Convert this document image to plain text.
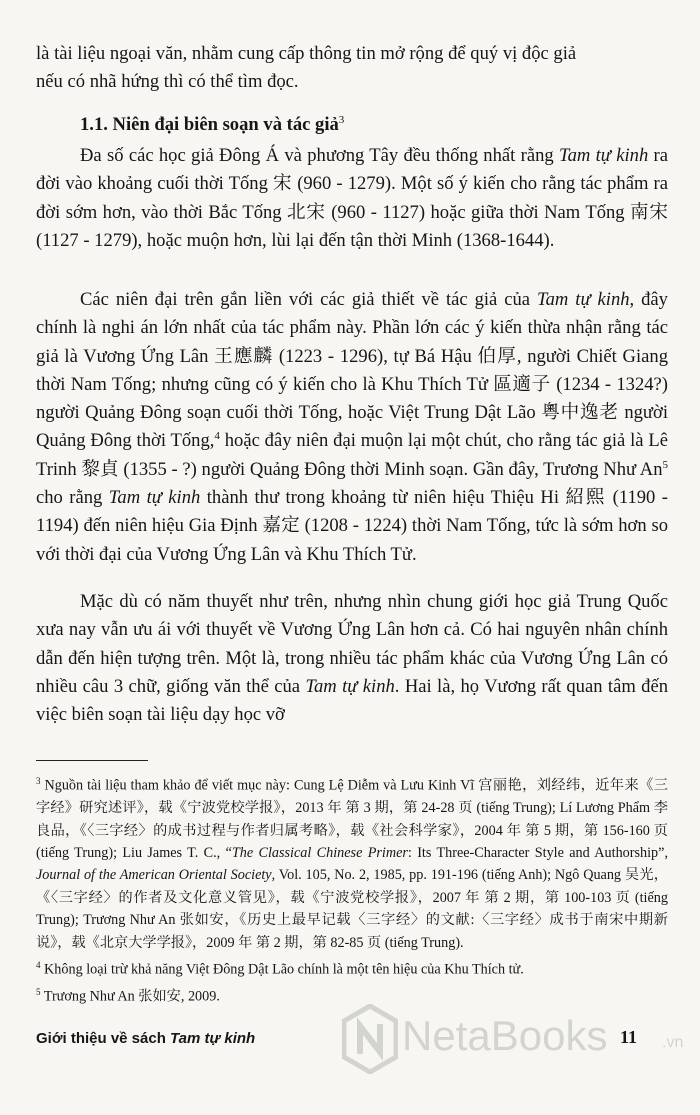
là tài liệu ngoại văn, nhằm cung cấp thông tin mở rộng để quý vị độc giả
nếu có nhã hứng thì có thể tìm đọc.

1.1. Niên đại biên soạn và tác giả$^3$

Đa số các học giả Đông Á và phương Tây đều thống nhất rằng Tam tự kinh ra đời vào khoảng cuối thời Tống 宋 (960 - 1279). Một số ý kiến cho rằng tác phẩm ra đời sớm hơn, vào thời Bắc Tống 北宋 (960 - 1127) hoặc giữa thời Nam Tống 南宋 (1127 - 1279), hoặc muộn hơn, lùi lại đến tận thời Minh (1368-1644).

Các niên đại trên gắn liền với các giả thiết về tác giả của Tam tự kinh, đây chính là nghi án lớn nhất của tác phẩm này. Phần lớn các ý kiến thừa nhận rằng tác giả là Vương Ứng Lân 王應麟 (1223 - 1296), tự Bá Hậu 伯厚, người Chiết Giang thời Nam Tống; nhưng cũng có ý kiến cho là Khu Thích Tử 區適子 (1234 - 1324?) người Quảng Đông soạn cuối thời Tống, hoặc Việt Trung Dật Lão 粵中逸老 người Quảng Đông thời Tống,$^4$ hoặc đây niên đại muộn lại một chút, cho rằng tác giả là Lê Trinh 黎貞 (1355 - ?) người Quảng Đông thời Minh soạn. Gần đây, Trương Như An$^5$ cho rằng Tam tự kinh thành thư trong khoảng từ niên hiệu Thiệu Hi 紹熙 (1190 - 1194) đến niên hiệu Gia Định 嘉定 (1208 - 1224) thời Nam Tống, tức là sớm hơn so với thời đại của Vương Ứng Lân và Khu Thích Tử.

Mặc dù có năm thuyết như trên, nhưng nhìn chung giới học giả Trung Quốc xưa nay vẫn ưu ái với thuyết về Vương Ứng Lân hơn cả. Có hai nguyên nhân chính dẫn đến hiện tượng trên. Một là, trong nhiều tác phẩm khác của Vương Ứng Lân có nhiều câu 3 chữ, giống văn thể của Tam tự kinh. Hai là, họ Vương rất quan tâm đến việc biên soạn tài liệu dạy học vỡ

$^3$ Nguồn tài liệu tham khảo để viết mục này: Cung Lệ Diễm và Lưu Kinh Vĩ 宫丽艳，刘经纬，近年来《三字经》研究述评》，载《宁波党校学报》，2013 年 第 3 期，第 24-28 页 (tiếng Trung); Lí Lương Phẩm 李良品，《〈三字经〉的成书过程与作者归属考略》，载《社会科学家》，2004 年 第 5 期，第 156-160 页 (tiếng Trung); Liu James T. C., “The Classical Chinese Primer: Its Three-Character Style and Authorship”, Journal of the American Oriental Society, Vol. 105, No. 2, 1985, pp. 191-196 (tiếng Anh); Ngô Quang 吴光，《〈三字经〉的作者及文化意义管见》，载《宁波党校学报》，2007 年 第 2 期，第 100-103 页 (tiếng Trung); Trương Như An 张如安，《历史上最早记载〈三字经〉的文献:〈三字经〉成书于南宋中期新说》，载《北京大学学报》，2009 年 第 2 期，第 82-85 页 (tiếng Trung).

$^4$ Không loại trừ khả năng Việt Đông Dật Lão chính là một tên hiệu của Khu Thích tử.

$^5$ Trương Như An 张如安, 2009.

Giới thiệu về sách Tam tự kinh	11
NetaBooks	.vn
